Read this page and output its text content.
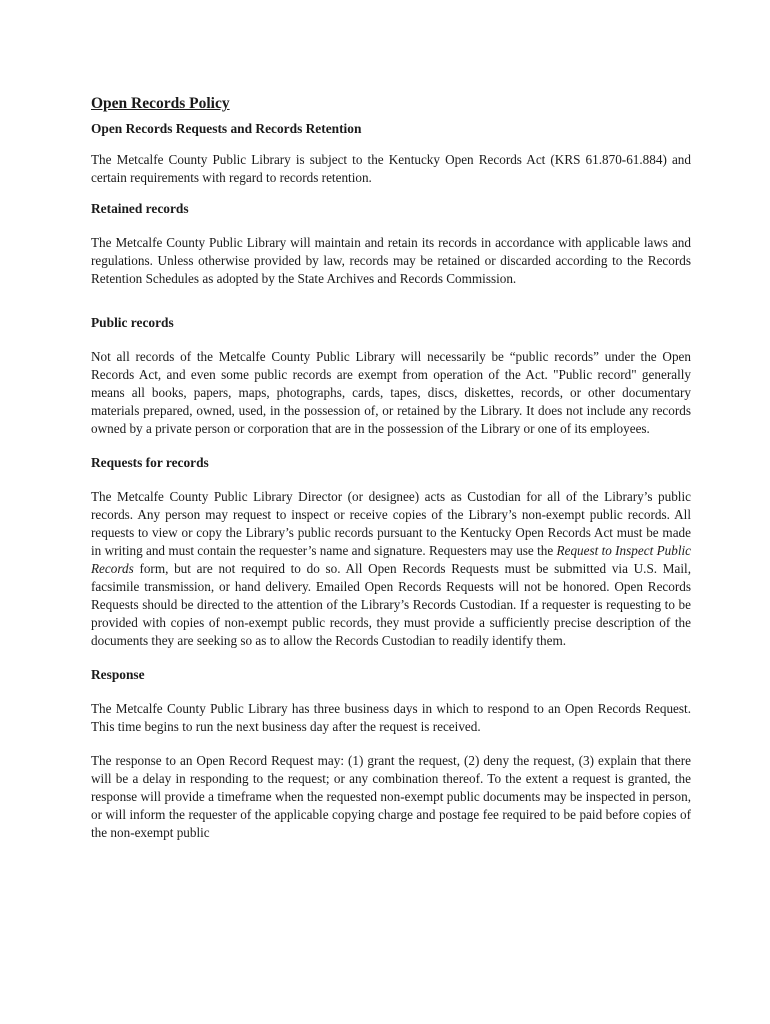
Open Records Policy
Open Records Requests and Records Retention

The Metcalfe County Public Library is subject to the Kentucky Open Records Act (KRS 61.870-61.884) and certain requirements with regard to records retention.

Retained records

The Metcalfe County Public Library will maintain and retain its records in accordance with applicable laws and regulations. Unless otherwise provided by law, records may be retained or discarded according to the Records Retention Schedules as adopted by the State Archives and Records Commission.

Public records

Not all records of the Metcalfe County Public Library will necessarily be “public records” under the Open Records Act, and even some public records are exempt from operation of the Act. "Public record" generally means all books, papers, maps, photographs, cards, tapes, discs, diskettes, records, or other documentary materials prepared, owned, used, in the possession of, or retained by the Library. It does not include any records owned by a private person or corporation that are in the possession of the Library or one of its employees.

Requests for records

The Metcalfe County Public Library Director (or designee) acts as Custodian for all of the Library’s public records. Any person may request to inspect or receive copies of the Library’s non-exempt public records. All requests to view or copy the Library’s public records pursuant to the Kentucky Open Records Act must be made in writing and must contain the requester’s name and signature. Requesters may use the Request to Inspect Public Records form, but are not required to do so. All Open Records Requests must be submitted via U.S. Mail, facsimile transmission, or hand delivery. Emailed Open Records Requests will not be honored. Open Records Requests should be directed to the attention of the Library’s Records Custodian. If a requester is requesting to be provided with copies of non-exempt public records, they must provide a sufficiently precise description of the documents they are seeking so as to allow the Records Custodian to readily identify them.

Response

The Metcalfe County Public Library has three business days in which to respond to an Open Records Request. This time begins to run the next business day after the request is received.

The response to an Open Record Request may: (1) grant the request, (2) deny the request, (3) explain that there will be a delay in responding to the request; or any combination thereof. To the extent a request is granted, the response will provide a timeframe when the requested non-exempt public documents may be inspected in person, or will inform the requester of the applicable copying charge and postage fee required to be paid before copies of the non-exempt public
